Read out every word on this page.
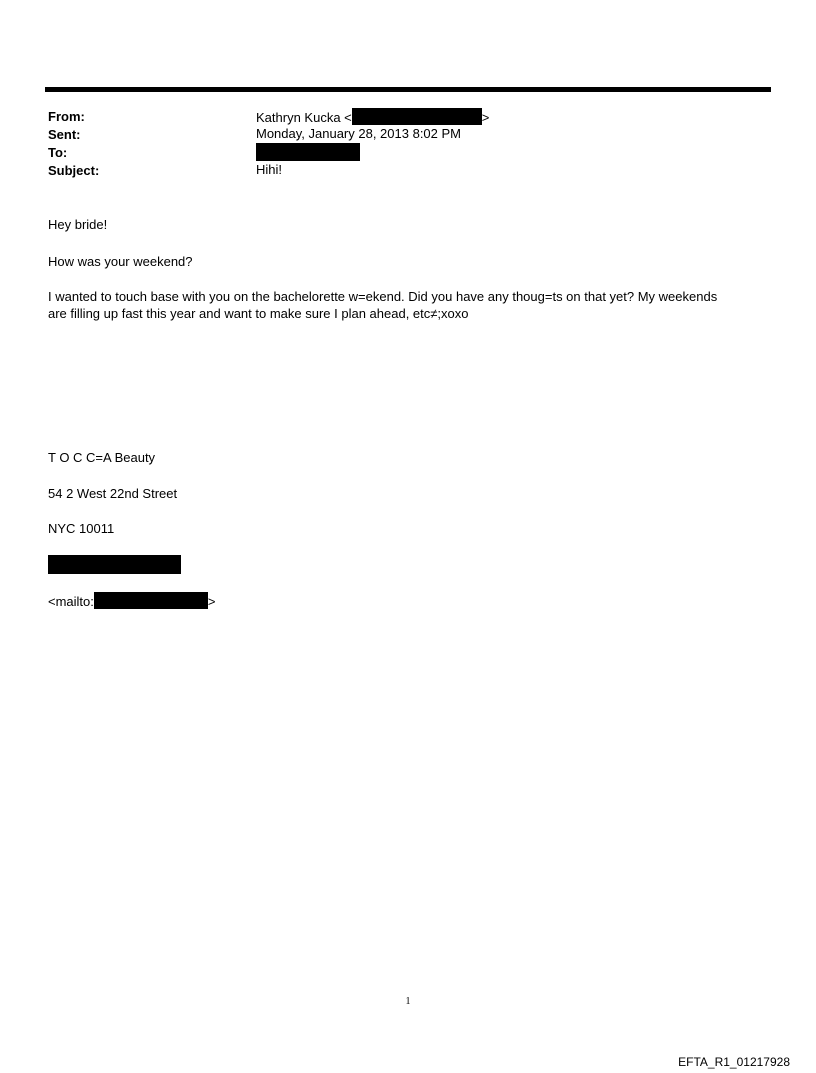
From:	Kathryn Kucka <	>
Sent:	Monday, January 28, 2013 8:02 PM
To:
Subject:	Hihi!
Hey bride!
How was your weekend?
I wanted to touch base with you on the bachelorette w=ekend. Did you have any thoug=ts on that yet? My weekends
are filling up fast this year and want to make sure I plan ahead, etc≠;xoxo
T O C C=A Beauty
54 2 West 22nd Street
NYC 10011
<mailto:	>
1
EFTA_R1_01217928
